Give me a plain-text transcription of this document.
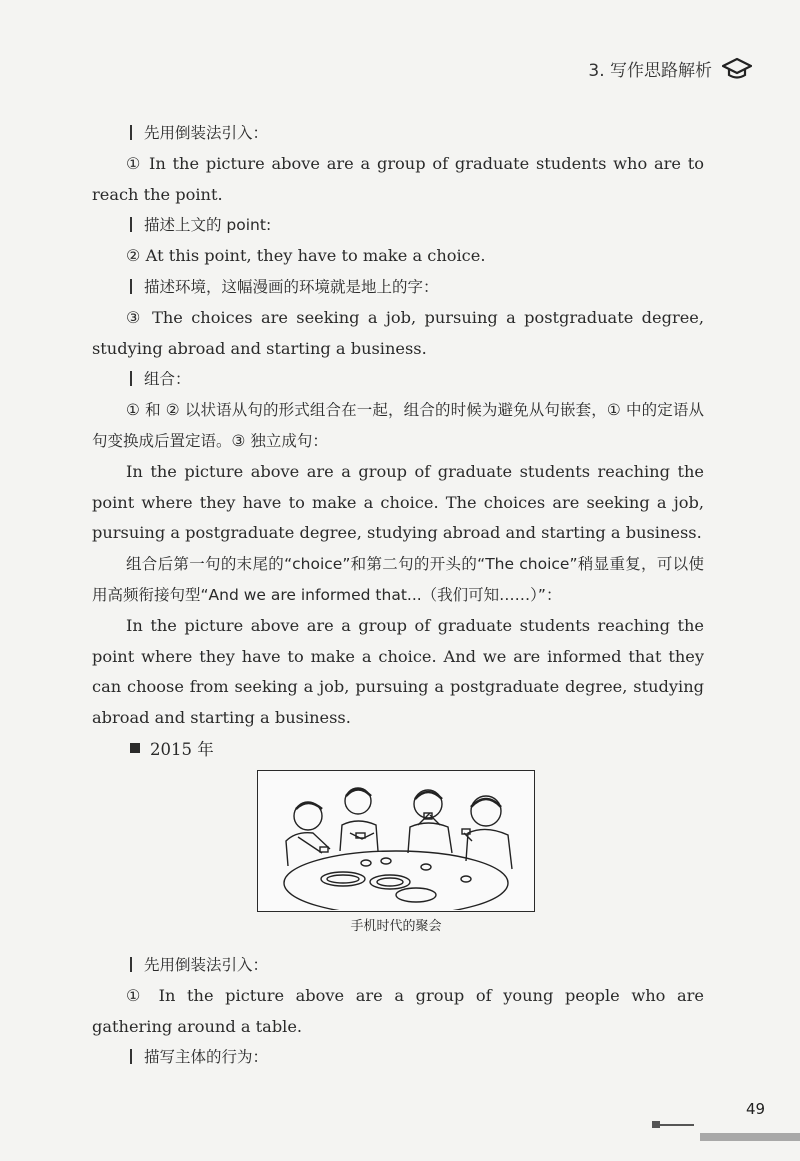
3. 写作思路解析

先用倒装法引入：

① In the picture above are a group of graduate students who are to reach the point.

描述上文的 point:

② At this point, they have to make a choice.

描述环境，这幅漫画的环境就是地上的字：

③ The choices are seeking a job, pursuing a postgraduate degree, studying abroad and starting a business.

组合：

① 和 ② 以状语从句的形式组合在一起，组合的时候为避免从句嵌套，① 中的定语从句变换成后置定语。③ 独立成句：

In the picture above are a group of graduate students reaching the point where they have to make a choice. The choices are seeking a job, pursuing a postgraduate degree, studying abroad and starting a business.

组合后第一句的末尾的“choice”和第二句的开头的“The choice”稍显重复，可以使用高频衔接句型“And we are informed that...（我们可知……）”：

In the picture above are a group of graduate students reaching the point where they have to make a choice. And we are informed that they can choose from seeking a job, pursuing a postgraduate degree, studying abroad and starting a business.

2015 年
手机时代的聚会

先用倒装法引入：

① In the picture above are a group of young people who are gathering around a table.

描写主体的行为：

49
